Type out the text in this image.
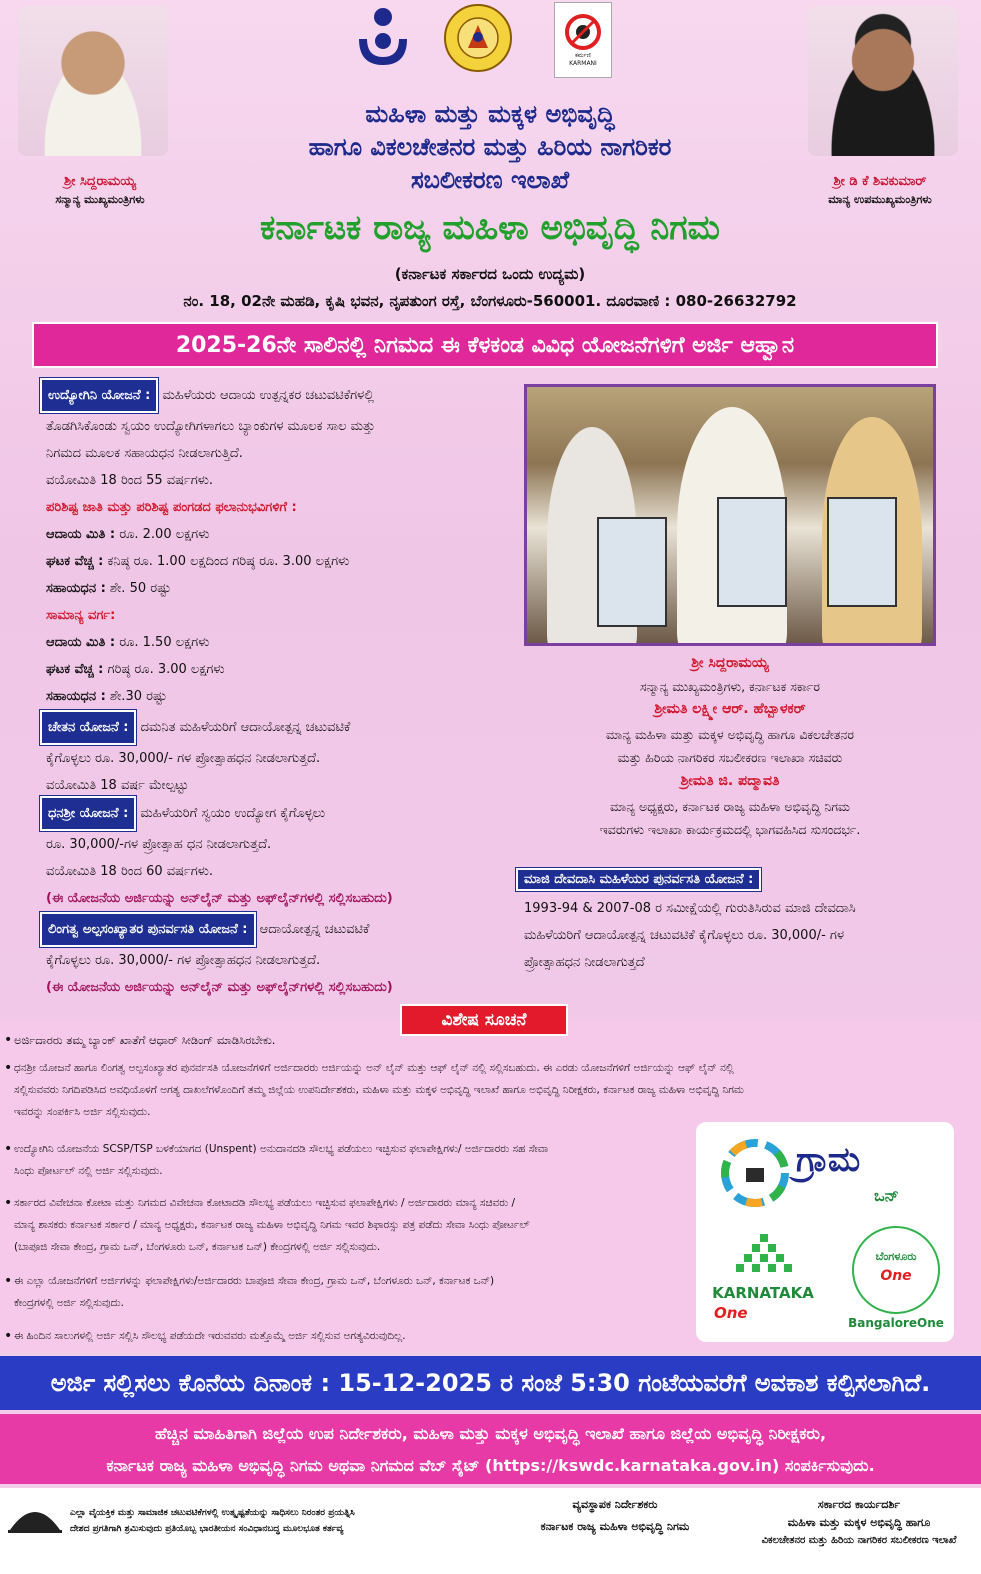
ಶ್ರೀ ಸಿದ್ದರಾಮಯ್ಯ
ಸನ್ಮಾನ್ಯ ಮುಖ್ಯಮಂತ್ರಿಗಳು
ಶ್ರೀ ಡಿ ಕೆ ಶಿವಕುಮಾರ್
ಮಾನ್ಯ ಉಪಮುಖ್ಯಮಂತ್ರಿಗಳು
ಕರ್ಮಣಿ
KARMANI
ಮಹಿಳಾ ಮತ್ತು ಮಕ್ಕಳ ಅಭಿವೃದ್ಧಿ
ಹಾಗೂ ವಿಕಲಚೇತನರ ಮತ್ತು ಹಿರಿಯ ನಾಗರಿಕರ
ಸಬಲೀಕರಣ ಇಲಾಖೆ
ಕರ್ನಾಟಕ ರಾಜ್ಯ ಮಹಿಳಾ ಅಭಿವೃದ್ಧಿ ನಿಗಮ
(ಕರ್ನಾಟಕ ಸರ್ಕಾರದ ಒಂದು ಉದ್ಯಮ)
ನಂ. 18, 02ನೇ ಮಹಡಿ, ಕೃಷಿ ಭವನ, ನೃಪತುಂಗ ರಸ್ತೆ, ಬೆಂಗಳೂರು-560001. ದೂರವಾಣಿ : 080-26632792
2025-26ನೇ ಸಾಲಿನಲ್ಲಿ ನಿಗಮದ ಈ ಕೆಳಕಂಡ ವಿವಿಧ ಯೋಜನೆಗಳಿಗೆ ಅರ್ಜಿ ಆಹ್ವಾನ
ಉದ್ಯೋಗಿನಿ ಯೋಜನೆ : ಮಹಿಳೆಯರು ಆದಾಯ ಉತ್ಪನ್ನಕರ ಚಟುವಟಿಕೆಗಳಲ್ಲಿ
ತೊಡಗಿಸಿಕೊಂಡು ಸ್ವಯಂ ಉದ್ಯೋಗಿಗಳಾಗಲು ಬ್ಯಾಂಕುಗಳ ಮೂಲಕ ಸಾಲ ಮತ್ತು
ನಿಗಮದ ಮೂಲಕ ಸಹಾಯಧನ ನೀಡಲಾಗುತ್ತಿದೆ.
ವಯೋಮಿತಿ 18 ರಿಂದ 55 ವರ್ಷಗಳು.
ಪರಿಶಿಷ್ಟ ಜಾತಿ ಮತ್ತು ಪರಿಶಿಷ್ಟ ಪಂಗಡದ ಫಲಾನುಭವಿಗಳಿಗೆ :
ಆದಾಯ ಮಿತಿ : ರೂ. 2.00 ಲಕ್ಷಗಳು
ಘಟಕ ವೆಚ್ಚ : ಕನಿಷ್ಠ ರೂ. 1.00 ಲಕ್ಷದಿಂದ ಗರಿಷ್ಠ ರೂ. 3.00 ಲಕ್ಷಗಳು
ಸಹಾಯಧನ : ಶೇ. 50 ರಷ್ಟು
ಸಾಮಾನ್ಯ ವರ್ಗ:
ಆದಾಯ ಮಿತಿ : ರೂ. 1.50 ಲಕ್ಷಗಳು
ಘಟಕ ವೆಚ್ಚ : ಗರಿಷ್ಠ ರೂ. 3.00 ಲಕ್ಷಗಳು
ಸಹಾಯಧನ : ಶೇ.30 ರಷ್ಟು
ಚೇತನ ಯೋಜನೆ : ದಮನಿತ ಮಹಿಳೆಯರಿಗೆ ಆದಾಯೋತ್ಪನ್ನ ಚಟುವಟಿಕೆ
ಕೈಗೊಳ್ಳಲು ರೂ. 30,000/- ಗಳ ಪ್ರೋತ್ಸಾಹಧನ ನೀಡಲಾಗುತ್ತದೆ.
ವಯೋಮಿತಿ 18 ವರ್ಷ ಮೇಲ್ಪಟ್ಟು
ಧನಶ್ರೀ ಯೋಜನೆ : ಮಹಿಳೆಯರಿಗೆ ಸ್ವಯಂ ಉದ್ಯೋಗ ಕೈಗೊಳ್ಳಲು
ರೂ. 30,000/-ಗಳ ಪ್ರೋತ್ಸಾಹ ಧನ ನೀಡಲಾಗುತ್ತದೆ.
ವಯೋಮಿತಿ 18 ರಿಂದ 60 ವರ್ಷಗಳು.
(ಈ ಯೋಜನೆಯ ಅರ್ಜಿಯನ್ನು ಅನ್‌ಲೈನ್ ಮತ್ತು ಅಫ್‌ಲೈನ್‌ಗಳಲ್ಲಿ ಸಲ್ಲಿಸಬಹುದು)
ಲಿಂಗತ್ವ ಅಲ್ಪಸಂಖ್ಯಾತರ ಪುನರ್ವಸತಿ ಯೋಜನೆ : ಆದಾಯೋತ್ಪನ್ನ ಚಟುವಟಿಕೆ
ಕೈಗೊಳ್ಳಲು ರೂ. 30,000/- ಗಳ ಪ್ರೋತ್ಸಾಹಧನ ನೀಡಲಾಗುತ್ತದೆ.
(ಈ ಯೋಜನೆಯ ಅರ್ಜಿಯನ್ನು ಅನ್‌ಲೈನ್ ಮತ್ತು ಅಫ್‌ಲೈನ್‌ಗಳಲ್ಲಿ ಸಲ್ಲಿಸಬಹುದು)
ಶ್ರೀ ಸಿದ್ದರಾಮಯ್ಯ
ಸನ್ಮಾನ್ಯ ಮುಖ್ಯಮಂತ್ರಿಗಳು, ಕರ್ನಾಟಕ ಸರ್ಕಾರ
ಶ್ರೀಮತಿ ಲಕ್ಷ್ಮೀ ಆರ್. ಹೆಬ್ಬಾಳಕರ್
ಮಾನ್ಯ ಮಹಿಳಾ ಮತ್ತು ಮಕ್ಕಳ ಅಭಿವೃದ್ಧಿ ಹಾಗೂ ವಿಕಲಚೇತನರ
ಮತ್ತು ಹಿರಿಯ ನಾಗರಿಕರ ಸಬಲೀಕರಣ ಇಲಾಖಾ ಸಚಿವರು
ಶ್ರೀಮತಿ ಜಿ. ಪದ್ಮಾವತಿ
ಮಾನ್ಯ ಅಧ್ಯಕ್ಷರು, ಕರ್ನಾಟಕ ರಾಜ್ಯ ಮಹಿಳಾ ಅಭಿವೃದ್ಧಿ ನಿಗಮ
ಇವರುಗಳು ಇಲಾಖಾ ಕಾರ್ಯಕ್ರಮದಲ್ಲಿ ಭಾಗವಹಿಸಿದ ಸುಸಂದರ್ಭ.
ಮಾಜಿ ದೇವದಾಸಿ ಮಹಿಳೆಯರ ಪುನರ್ವಸತಿ ಯೋಜನೆ :
1993-94 & 2007-08 ರ ಸಮೀಕ್ಷೆಯಲ್ಲಿ ಗುರುತಿಸಿರುವ ಮಾಜಿ ದೇವದಾಸಿ
ಮಹಿಳೆಯರಿಗೆ ಆದಾಯೋತ್ಪನ್ನ ಚಟುವಟಿಕೆ ಕೈಗೊಳ್ಳಲು ರೂ. 30,000/- ಗಳ
ಪ್ರೋತ್ಸಾಹಧನ ನೀಡಲಾಗುತ್ತದೆ
ವಿಶೇಷ ಸೂಚನೆ
• ಅರ್ಜಿದಾರರು ತಮ್ಮ ಬ್ಯಾಂಕ್ ಖಾತೆಗೆ ಆಧಾರ್ ಸೀಡಿಂಗ್ ಮಾಡಿಸಿರಬೇಕು.
• ಧನಶ್ರೀ ಯೋಜನೆ ಹಾಗೂ ಲಿಂಗತ್ವ ಅಲ್ಪಸಂಖ್ಯಾತರ ಪುನರ್ವಸತಿ ಯೋಜನೆಗಳಿಗೆ ಅರ್ಜಿದಾರರು ಅರ್ಜಿಯನ್ನು ಅನ್ ಲೈನ್ ಮತ್ತು ಆಫ್ ಲೈನ್ ನಲ್ಲಿ ಸಲ್ಲಿಸಬಹುದು. ಈ ಎರಡು ಯೋಜನೆಗಳಿಗೆ ಅರ್ಜಿಯನ್ನು ಆಫ್ ಲೈನ್ ನಲ್ಲಿ
ಸಲ್ಲಿಸುವವರು ನಿಗದಿಪಡಿಸಿದ ಅವಧಿಯೊಳಗೆ ಅಗತ್ಯ ದಾಖಲೆಗಳೊಂದಿಗೆ ತಮ್ಮ ಜಿಲ್ಲೆಯ ಉಪನಿರ್ದೇಶಕರು, ಮಹಿಳಾ ಮತ್ತು ಮಕ್ಕಳ ಅಭಿವೃದ್ಧಿ ಇಲಾಖೆ ಹಾಗೂ ಅಭಿವೃದ್ಧಿ ನಿರೀಕ್ಷಕರು, ಕರ್ನಾಟಕ ರಾಜ್ಯ ಮಹಿಳಾ ಅಭಿವೃದ್ಧಿ ನಿಗಮ
ಇವರನ್ನು ಸಂಪರ್ಕಿಸಿ ಅರ್ಜಿ ಸಲ್ಲಿಸುವುದು.
• ಉದ್ಯೋಗಿನಿ ಯೋಜನೆಯ SCSP/TSP ಬಳಕೆಯಾಗದ (Unspent) ಅನುದಾನದಡಿ ಸೌಲಭ್ಯ ಪಡೆಯಲು ಇಚ್ಛಿಸುವ ಫಲಾಪೇಕ್ಷಿಗಳು/ ಅರ್ಜಿದಾರರು ಸಹ ಸೇವಾ
ಸಿಂಧು ಪೋರ್ಟಲ್ ನಲ್ಲಿ ಅರ್ಜಿ ಸಲ್ಲಿಸುವುದು.
• ಸರ್ಕಾರದ ವಿವೇಚನಾ ಕೋಟಾ ಮತ್ತು ನಿಗಮದ ವಿವೇಚನಾ ಕೋಟಾದಡಿ ಸೌಲಭ್ಯ ಪಡೆಯಲು ಇಚ್ಛಿಸುವ ಫಲಾಪೇಕ್ಷಿಗಳು / ಅರ್ಜಿದಾರರು ಮಾನ್ಯ ಸಚಿವರು /
ಮಾನ್ಯ ಶಾಸಕರು ಕರ್ನಾಟಕ ಸರ್ಕಾರ / ಮಾನ್ಯ ಅಧ್ಯಕ್ಷರು, ಕರ್ನಾಟಕ ರಾಜ್ಯ ಮಹಿಳಾ ಅಭಿವೃದ್ಧಿ ನಿಗಮ ಇವರ ಶಿಫಾರಸ್ಸು ಪತ್ರ ಪಡೆದು ಸೇವಾ ಸಿಂಧು ಪೋರ್ಟಲ್
(ಬಾಪೂಜಿ ಸೇವಾ ಕೇಂದ್ರ, ಗ್ರಾಮ ಒನ್, ಬೆಂಗಳೂರು ಒನ್, ಕರ್ನಾಟಕ ಒನ್) ಕೇಂದ್ರಗಳಲ್ಲಿ ಅರ್ಜಿ ಸಲ್ಲಿಸುವುದು.
• ಈ ಎಲ್ಲಾ ಯೋಜನೆಗಳಿಗೆ ಅರ್ಜಿಗಳನ್ನು ಫಲಾಪೇಕ್ಷಿಗಳು/ಅರ್ಜಿದಾರರು ಬಾಪೂಜಿ ಸೇವಾ ಕೇಂದ್ರ, ಗ್ರಾಮ ಒನ್, ಬೆಂಗಳೂರು ಒನ್, ಕರ್ನಾಟಕ ಒನ್)
ಕೇಂದ್ರಗಳಲ್ಲಿ ಅರ್ಜಿ ಸಲ್ಲಿಸುವುದು.
• ಈ ಹಿಂದಿನ ಸಾಲುಗಳಲ್ಲಿ ಅರ್ಜಿ ಸಲ್ಲಿಸಿ ಸೌಲಭ್ಯ ಪಡೆಯದೇ ಇರುವವರು ಮತ್ತೊಮ್ಮೆ ಅರ್ಜಿ ಸಲ್ಲಿಸುವ ಅಗತ್ಯವಿರುವುದಿಲ್ಲ.
ಗ್ರಾಮ
ಒನ್
KARNATAKA
One
ಬೆಂಗಳೂರು
One
BangaloreOne
ಅರ್ಜಿ ಸಲ್ಲಿಸಲು ಕೊನೆಯ ದಿನಾಂಕ : 15-12-2025 ರ ಸಂಜೆ 5:30 ಗಂಟೆಯವರೆಗೆ ಅವಕಾಶ ಕಲ್ಪಿಸಲಾಗಿದೆ.
ಹೆಚ್ಚಿನ ಮಾಹಿತಿಗಾಗಿ ಜಿಲ್ಲೆಯ ಉಪ ನಿರ್ದೇಶಕರು, ಮಹಿಳಾ ಮತ್ತು ಮಕ್ಕಳ ಅಭಿವೃದ್ಧಿ ಇಲಾಖೆ ಹಾಗೂ ಜಿಲ್ಲೆಯ ಅಭಿವೃದ್ಧಿ ನಿರೀಕ್ಷಕರು,
ಕರ್ನಾಟಕ ರಾಜ್ಯ ಮಹಿಳಾ ಅಭಿವೃದ್ಧಿ ನಿಗಮ ಅಥವಾ ನಿಗಮದ ವೆಬ್ ಸೈಟ್ (https://kswdc.karnataka.gov.in) ಸಂಪರ್ಕಿಸುವುದು.
ಎಲ್ಲಾ ವೈಯಕ್ತಿಕ ಮತ್ತು ಸಾಮಾಜಿಕ ಚಟುವಟಿಕೆಗಳಲ್ಲಿ ಉತ್ಕೃಷ್ಟತೆಯನ್ನು ಸಾಧಿಸಲು ನಿರಂತರ ಪ್ರಯತ್ನಿಸಿ
ದೇಶದ ಪ್ರಗತಿಗಾಗಿ ಶ್ರಮಿಸುವುದು ಪ್ರತಿಯೊಬ್ಬ ಭಾರತೀಯನ ಸಂವಿಧಾನಬದ್ಧ ಮೂಲಭೂತ ಕರ್ತವ್ಯ
ವ್ಯವಸ್ಥಾಪಕ ನಿರ್ದೇಶಕರು
ಕರ್ನಾಟಕ ರಾಜ್ಯ ಮಹಿಳಾ ಅಭಿವೃದ್ಧಿ ನಿಗಮ
ಸರ್ಕಾರದ ಕಾರ್ಯದರ್ಶಿ
ಮಹಿಳಾ ಮತ್ತು ಮಕ್ಕಳ ಅಭಿವೃದ್ಧಿ ಹಾಗೂ
ವಿಕಲಚೇತನರ ಮತ್ತು ಹಿರಿಯ ನಾಗರಿಕರ ಸಬಲೀಕರಣ ಇಲಾಖೆ
